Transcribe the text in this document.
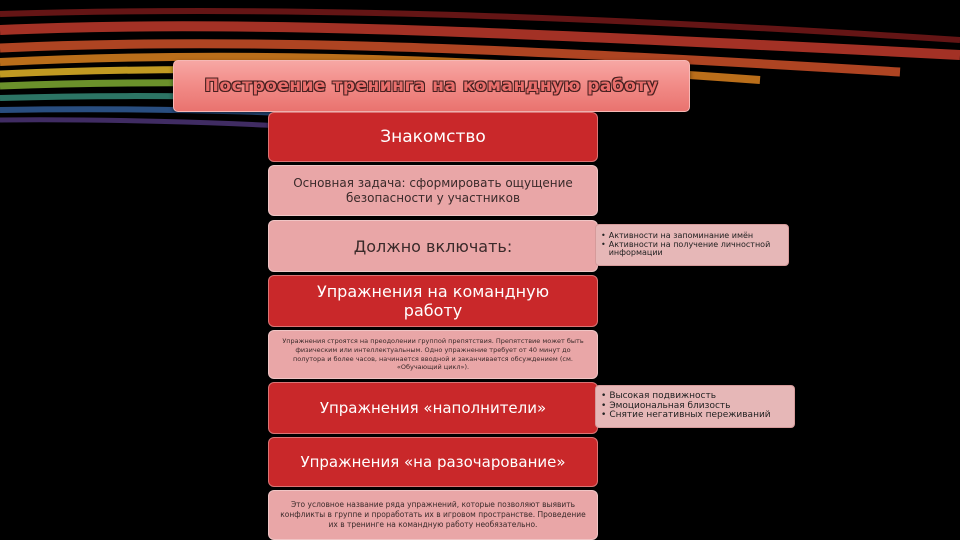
Построение тренинга на командную работу
Знакомство
Основная задача: сформировать ощущение безопасности у участников
Должно включать:
Упражнения на командную работу
Упражнения строятся на преодолении группой препятствия. Препятствие может быть физическим или интеллектуальным. Одно упражнение требует от 40 минут до полутора и более часов, начинается вводной и заканчивается обсуждением (см. «Обучающий цикл»).
Упражнения «наполнители»
Упражнения «на разочарование»
Это условное название ряда упражнений, которые позволяют выявить конфликты в группе и проработать их в игровом пространстве. Проведение их в тренинге на командную работу необязательно.
• Активности на запоминание имён
• Активности на получение личностной информации
• Высокая подвижность
• Эмоциональная близость
• Снятие негативных переживаний
